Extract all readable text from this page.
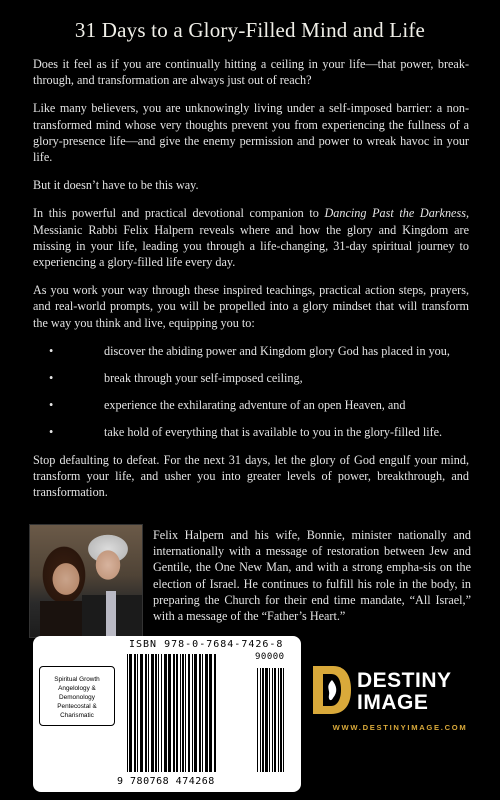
31 Days to a Glory-Filled Mind and Life

Does it feel as if you are continually hitting a ceiling in your life—that power, break-through, and transformation are always just out of reach?

Like many believers, you are unknowingly living under a self-imposed barrier: a non-transformed mind whose very thoughts prevent you from experiencing the fullness of a glory-presence life—and give the enemy permission and power to wreak havoc in your life.

But it doesn’t have to be this way.

In this powerful and practical devotional companion to Dancing Past the Darkness, Messianic Rabbi Felix Halpern reveals where and how the glory and Kingdom are missing in your life, leading you through a life-changing, 31-day spiritual journey to experiencing a glory-filled life every day.

As you work your way through these inspired teachings, practical action steps, prayers, and real-world prompts, you will be propelled into a glory mindset that will transform the way you think and live, equipping you to:

•	discover the abiding power and Kingdom glory God has placed in you,
•	break through your self-imposed ceiling,
•	experience the exhilarating adventure of an open Heaven, and
•	take hold of everything that is available to you in the glory-filled life.

Stop defaulting to defeat. For the next 31 days, let the glory of God engulf your mind, transform your life, and usher you into greater levels of power, breakthrough, and transformation.

Felix Halpern and his wife, Bonnie, minister nationally and internationally with a message of restoration between Jew and Gentile, the One New Man, and with a strong empha-sis on the election of Israel. He continues to fulfill his role in the body, in preparing the Church for their end time mandate, “All Israel,” with a message of the “Father’s Heart.”
Spiritual Growth
Angelology & Demonology
Pentecostal & Charismatic
ISBN 978-0-7684-7426-8
90000
9 780768 474268
DESTINY
IMAGE
WWW.DESTINYIMAGE.COM
